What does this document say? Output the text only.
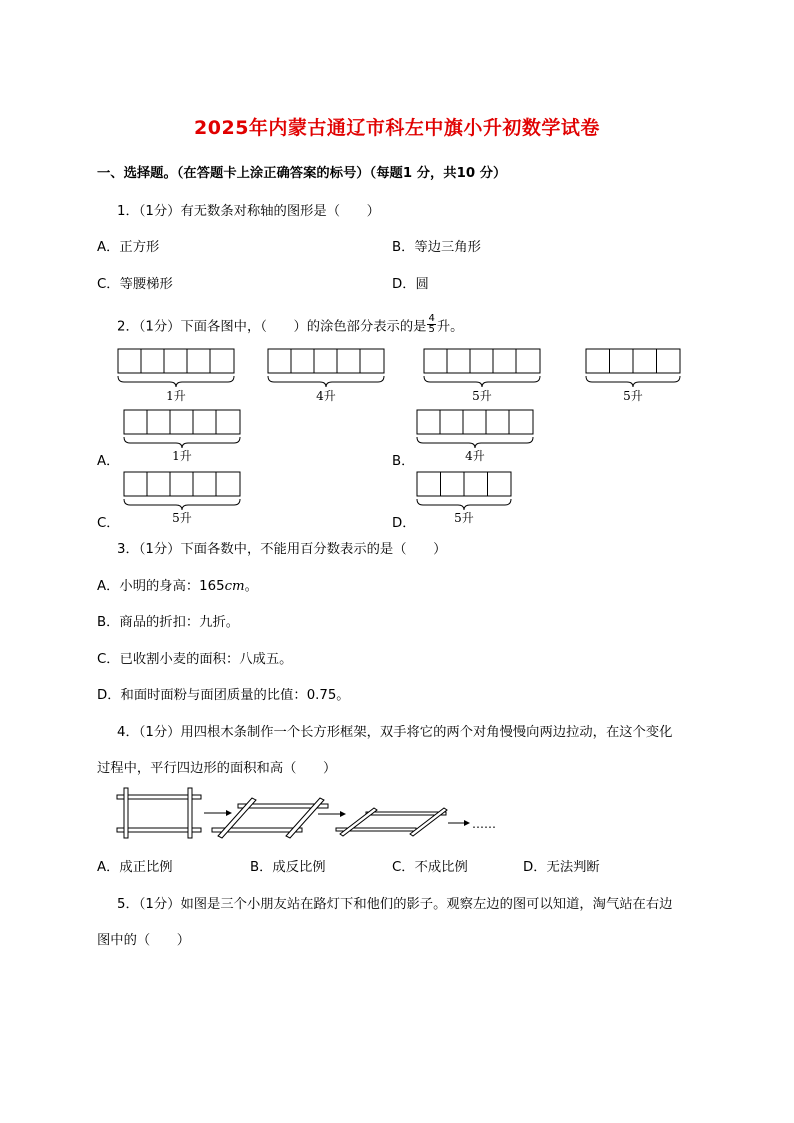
2025年内蒙古通辽市科左中旗小升初数学试卷
一、选择题。（在答题卡上涂正确答案的标号）（每题1 分，共10 分）
1．（1分）有无数条对称轴的图形是（　　）
A．正方形	B．等边三角形
C．等腰梯形	D．圆
2．（1分）下面各图中，（　　）的涂色部分表示的是 $\frac{4}{5}$ 升。
1升	4升	5升	5升
A．	B．
1升	4升
C．	D．
5升	5升
3．（1分）下面各数中，不能用百分数表示的是（　　）
A．小明的身高：165cm。
B．商品的折扣：九折。
C．已收割小麦的面积：八成五。
D．和面时面粉与面团质量的比值：0.75。
4．（1分）用四根木条制作一个长方形框架，双手将它的两个对角慢慢向两边拉动，在这个变化
过程中，平行四边形的面积和高（　　）
……
A．成正比例	B．成反比例	C．不成比例	D．无法判断
5．（1分）如图是三个小朋友站在路灯下和他们的影子。观察左边的图可以知道，淘气站在右边
图中的（　　）
